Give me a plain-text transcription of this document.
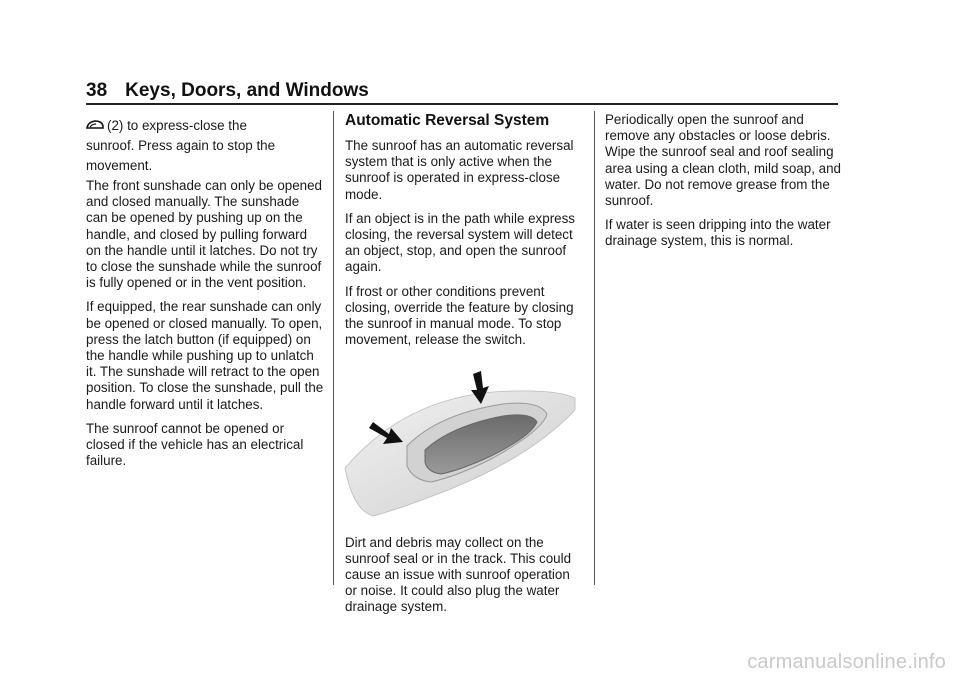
38 Keys, Doors, and Windows

(2) to express-close the
sunroof. Press again to stop the
movement.

The front sunshade can only be opened and closed manually. The sunshade can be opened by pushing up on the handle, and closed by pulling forward on the handle until it latches. Do not try to close the sunshade while the sunroof is fully opened or in the vent position.

If equipped, the rear sunshade can only be opened or closed manually. To open, press the latch button (if equipped) on the handle while pushing up to unlatch it. The sunshade will retract to the open position. To close the sunshade, pull the handle forward until it latches.

The sunroof cannot be opened or closed if the vehicle has an electrical failure.

Automatic Reversal System

The sunroof has an automatic reversal system that is only active when the sunroof is operated in express-close mode.

If an object is in the path while express closing, the reversal system will detect an object, stop, and open the sunroof again.

If frost or other conditions prevent closing, override the feature by closing the sunroof in manual mode. To stop movement, release the switch.

Dirt and debris may collect on the sunroof seal or in the track. This could cause an issue with sunroof operation or noise. It could also plug the water drainage system.

Periodically open the sunroof and remove any obstacles or loose debris. Wipe the sunroof seal and roof sealing area using a clean cloth, mild soap, and water. Do not remove grease from the sunroof.

If water is seen dripping into the water drainage system, this is normal.

carmanualsonline.info
